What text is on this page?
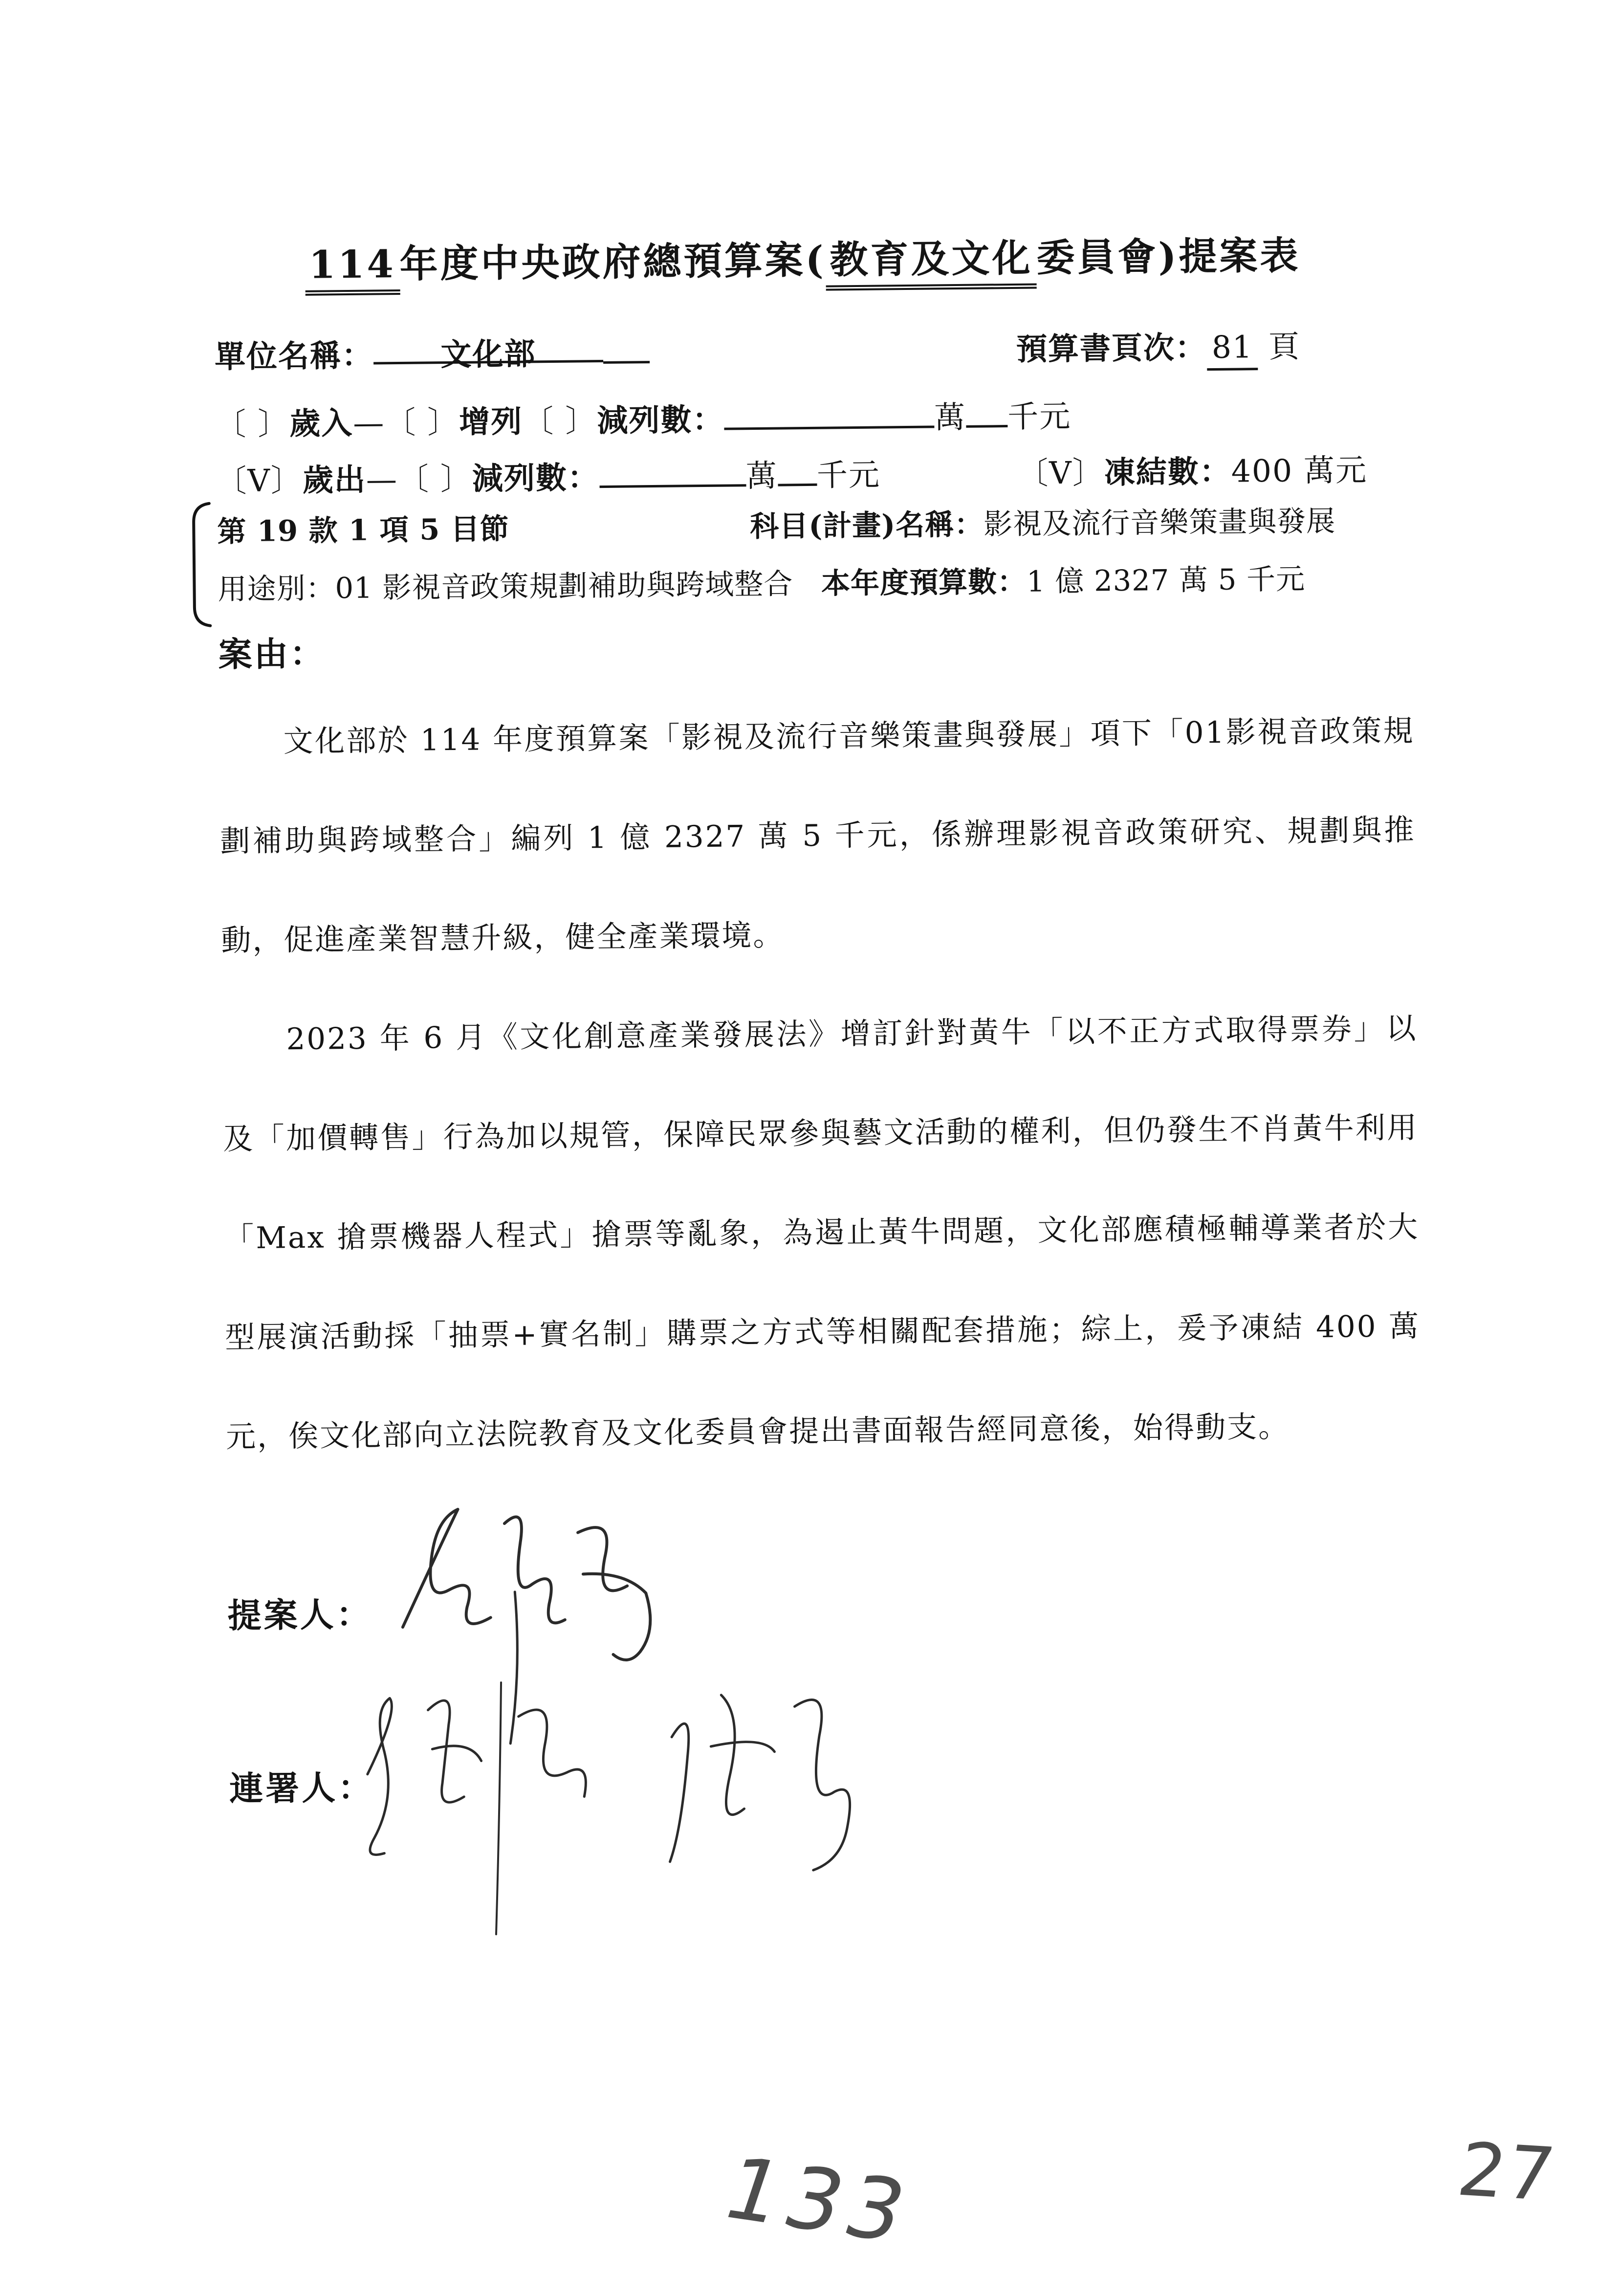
114年度中央政府總預算案(教育及文化委員會)提案表
單位名稱： 文化部	預算書頁次： 81 頁
〔 〕歲入—〔 〕增列〔 〕減列數：	萬 千元
〔V〕歲出—〔 〕減列數：	萬 千元	〔V〕凍結數：400 萬元
第 19 款 1 項 5 目節	科目(計畫)名稱：影視及流行音樂策畫與發展
用途別：01 影視音政策規劃補助與跨域整合 本年度預算數：1 億 2327 萬 5 千元
案由：

文化部於 114 年度預算案「影視及流行音樂策畫與發展」項下「01影視音政策規劃補助與跨域整合」編列 1 億 2327 萬 5 千元，係辦理影視音政策研究、規劃與推動，促進產業智慧升級，健全產業環境。

2023 年 6 月《文化創意產業發展法》增訂針對黃牛「以不正方式取得票券」以及「加價轉售」行為加以規管，保障民眾參與藝文活動的權利，但仍發生不肖黃牛利用「Max 搶票機器人程式」搶票等亂象，為遏止黃牛問題，文化部應積極輔導業者於大型展演活動採「抽票+實名制」購票之方式等相關配套措施；綜上，爰予凍結 400 萬元，俟文化部向立法院教育及文化委員會提出書面報告經同意後，始得動支。

提案人：
連署人：
133	27
